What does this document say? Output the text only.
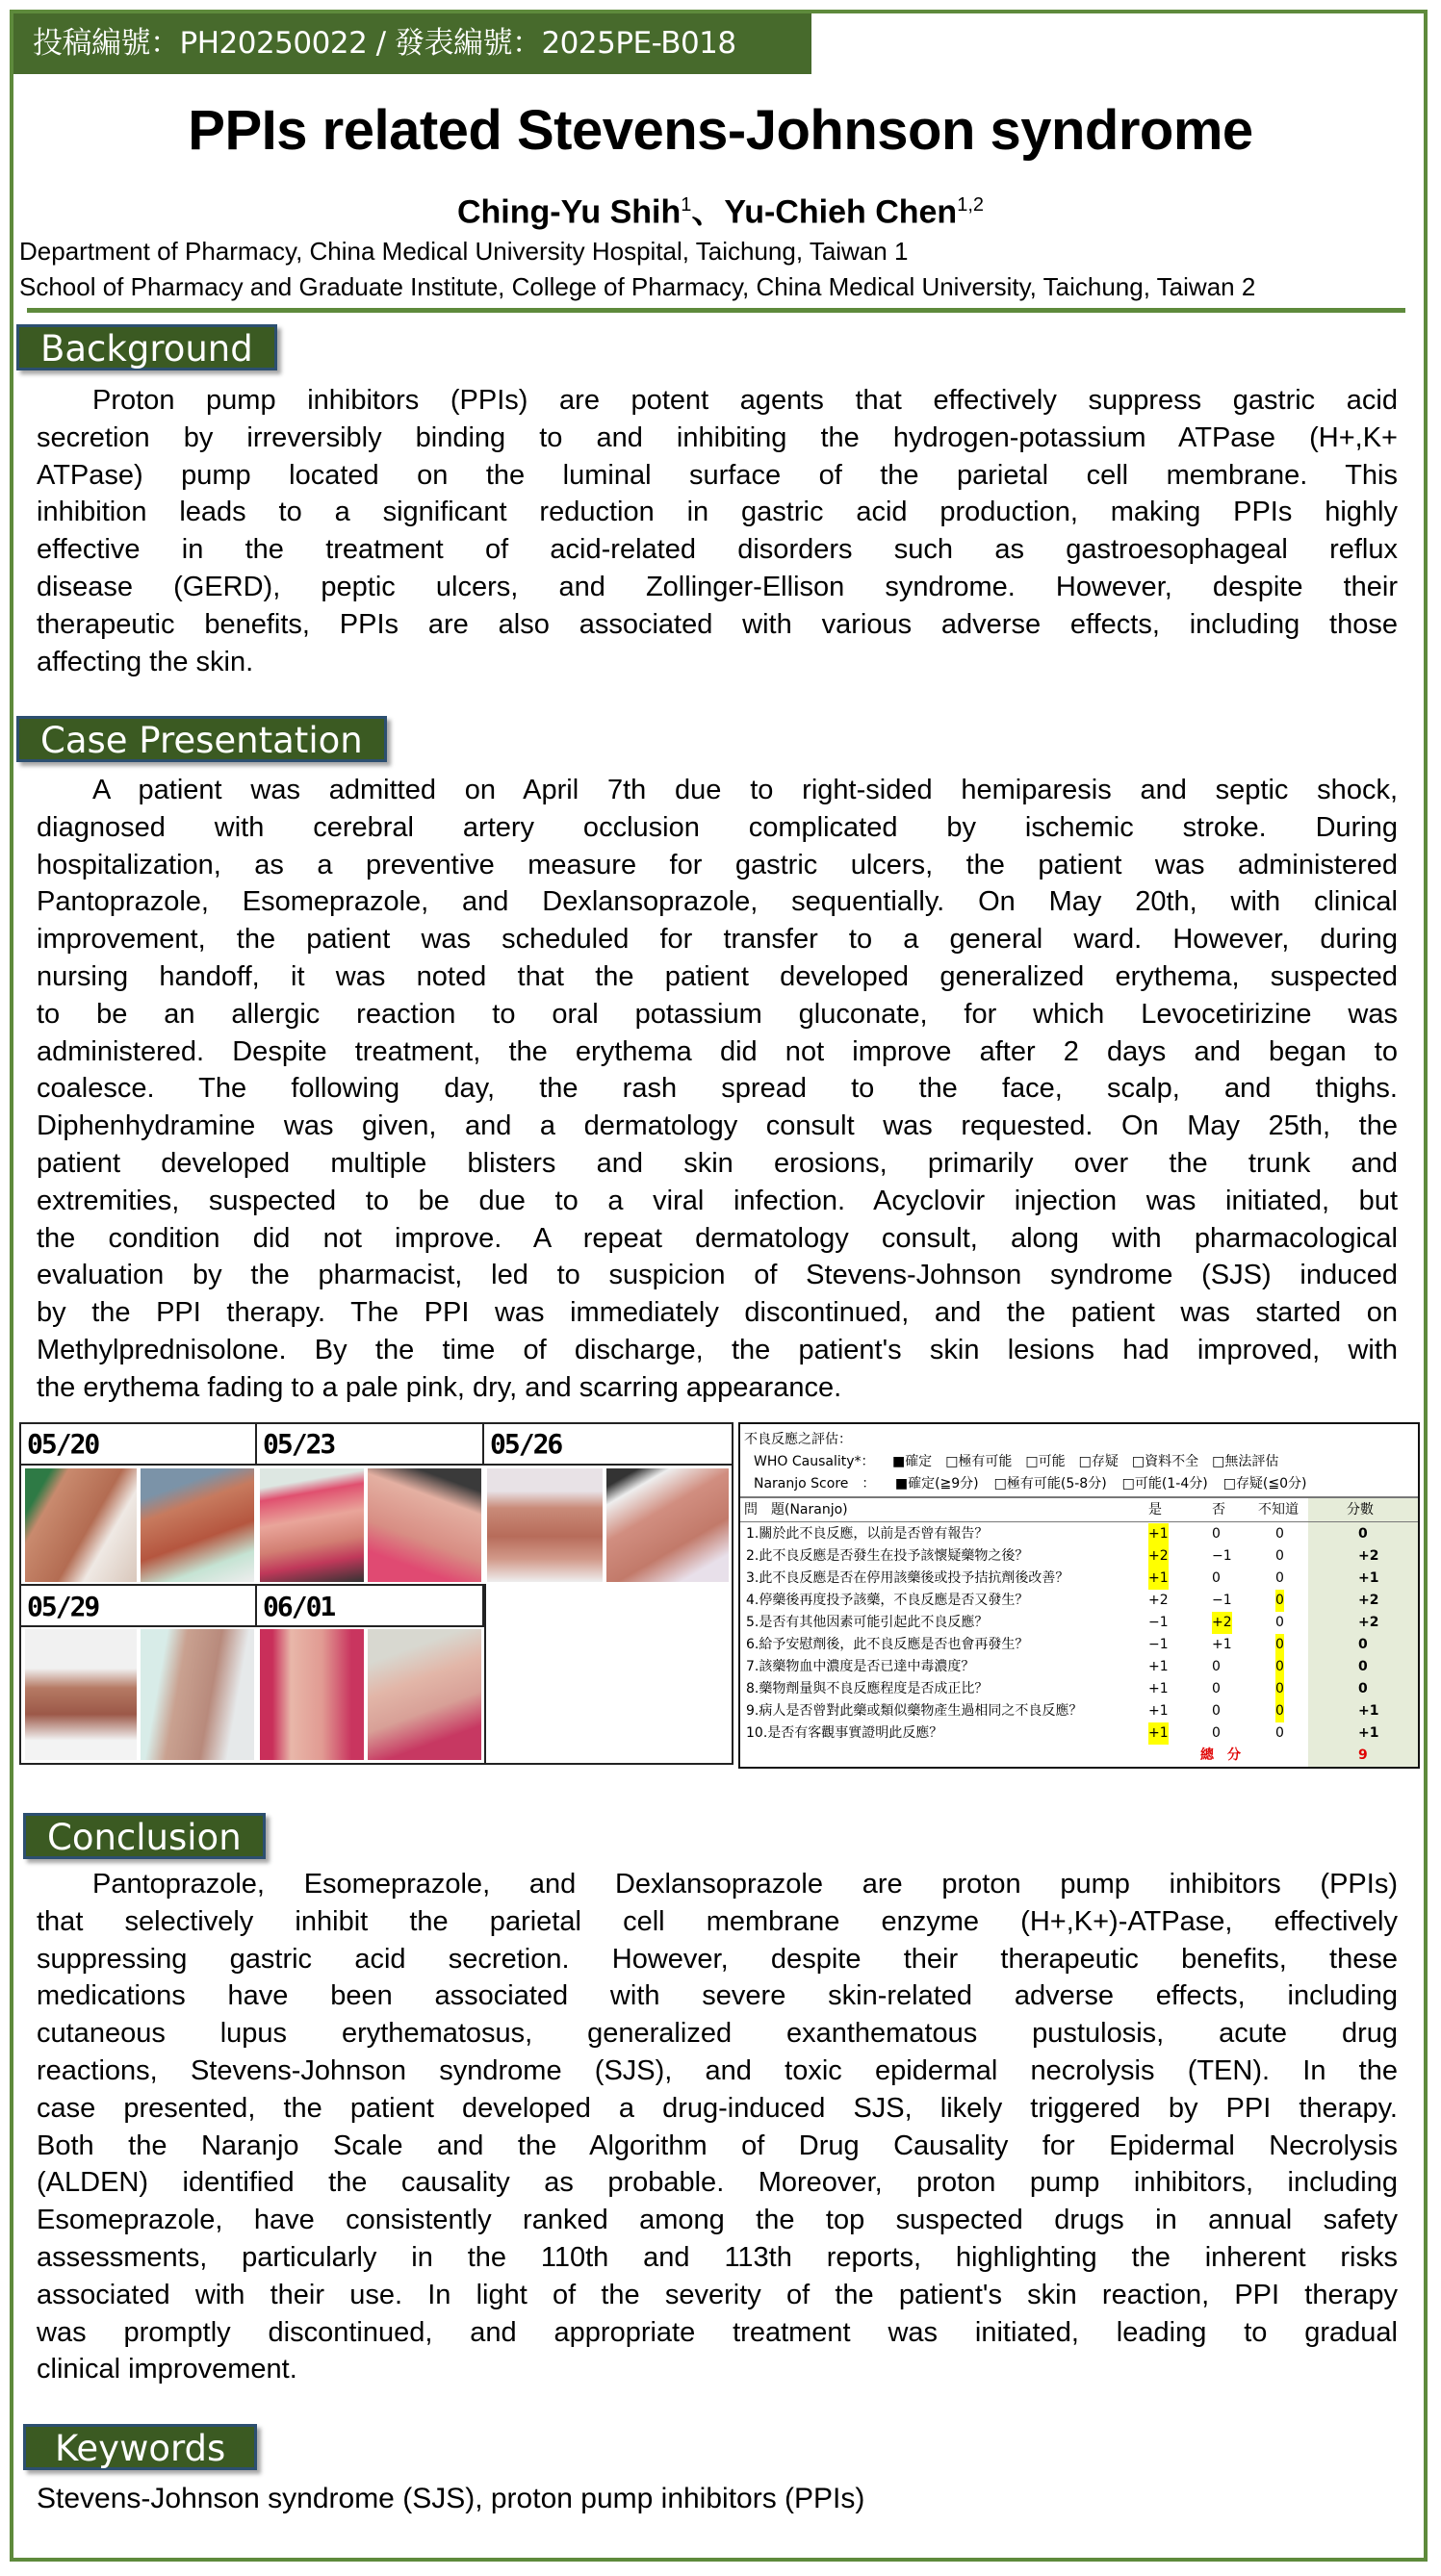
投稿編號：PH20250022 / 發表編號：2025PE-B018
PPIs related Stevens-Johnson syndrome
Ching-Yu Shih$^1$、Yu-Chieh Chen$^{1,2}$
Department of Pharmacy, China Medical University Hospital, Taichung, Taiwan 1
School of Pharmacy and Graduate Institute, College of Pharmacy, China Medical University, Taichung, Taiwan 2
Background
Proton pump inhibitors (PPIs) are potent agents that effectively suppress gastric acid
secretion by irreversibly binding to and inhibiting the hydrogen-potassium ATPase (H+,K+
ATPase) pump located on the luminal surface of the parietal cell membrane. This
inhibition leads to a significant reduction in gastric acid production, making PPIs highly
effective in the treatment of acid-related disorders such as gastroesophageal reflux
disease (GERD), peptic ulcers, and Zollinger-Ellison syndrome. However, despite their
therapeutic benefits, PPIs are also associated with various adverse effects, including those
affecting the skin.
Case Presentation
A patient was admitted on April 7th due to right-sided hemiparesis and septic shock,
diagnosed with cerebral artery occlusion complicated by ischemic stroke. During
hospitalization, as a preventive measure for gastric ulcers, the patient was administered
Pantoprazole, Esomeprazole, and Dexlansoprazole, sequentially. On May 20th, with clinical
improvement, the patient was scheduled for transfer to a general ward. However, during
nursing handoff, it was noted that the patient developed generalized erythema, suspected
to be an allergic reaction to oral potassium gluconate, for which Levocetirizine was
administered. Despite treatment, the erythema did not improve after 2 days and began to
coalesce. The following day, the rash spread to the face, scalp, and thighs.
Diphenhydramine was given, and a dermatology consult was requested. On May 25th, the
patient developed multiple blisters and skin erosions, primarily over the trunk and
extremities, suspected to be due to a viral infection. Acyclovir injection was initiated, but
the condition did not improve. A repeat dermatology consult, along with pharmacological
evaluation by the pharmacist, led to suspicion of Stevens-Johnson syndrome (SJS) induced
by the PPI therapy. The PPI was immediately discontinued, and the patient was started on
Methylprednisolone. By the time of discharge, the patient's skin lesions had improved, with
the erythema fading to a pale pink, dry, and scarring appearance.
05/20	05/23	05/26
05/29	06/01
不良反應之評估：
WHO Causality*： ■確定 □極有可能 □可能 □存疑 □資料不全 □無法評估
Naranjo Score　： ■確定(≧9分) □極有可能(5-8分) □可能(1-4分) □存疑(≦0分)
問　題(Naranjo)	是	否 不知道	分數
1.關於此不良反應，以前是否曾有報告？	+1	0	0	0
2.此不良反應是否發生在投予該懷疑藥物之後？	+2	−1	0	+2
3.此不良反應是否在停用該藥後或投予拮抗劑後改善？	+1	0	0	+1
4.停藥後再度投予該藥，不良反應是否又發生？	+2	−1	0	+2
5.是否有其他因素可能引起此不良反應？	−1	+2	0	+2
6.給予安慰劑後，此不良反應是否也會再發生？	−1	+1	0	0
7.該藥物血中濃度是否已達中毒濃度？	+1	0	0	0
8.藥物劑量與不良反應程度是否成正比？	+1	0	0	0
9.病人是否曾對此藥或類似藥物產生過相同之不良反應？	+1	0	0	+1
10.是否有客觀事實證明此反應？	+1	0	0	+1
總　分	9
Conclusion
Pantoprazole, Esomeprazole, and Dexlansoprazole are proton pump inhibitors (PPIs)
that selectively inhibit the parietal cell membrane enzyme (H+,K+)-ATPase, effectively
suppressing gastric acid secretion. However, despite their therapeutic benefits, these
medications have been associated with severe skin-related adverse effects, including
cutaneous lupus erythematosus, generalized exanthematous pustulosis, acute drug
reactions, Stevens-Johnson syndrome (SJS), and toxic epidermal necrolysis (TEN). In the
case presented, the patient developed a drug-induced SJS, likely triggered by PPI therapy.
Both the Naranjo Scale and the Algorithm of Drug Causality for Epidermal Necrolysis
(ALDEN) identified the causality as probable. Moreover, proton pump inhibitors, including
Esomeprazole, have consistently ranked among the top suspected drugs in annual safety
assessments, particularly in the 110th and 113th reports, highlighting the inherent risks
associated with their use. In light of the severity of the patient's skin reaction, PPI therapy
was promptly discontinued, and appropriate treatment was initiated, leading to gradual
clinical improvement.
Keywords
Stevens-Johnson syndrome (SJS), proton pump inhibitors (PPIs)
